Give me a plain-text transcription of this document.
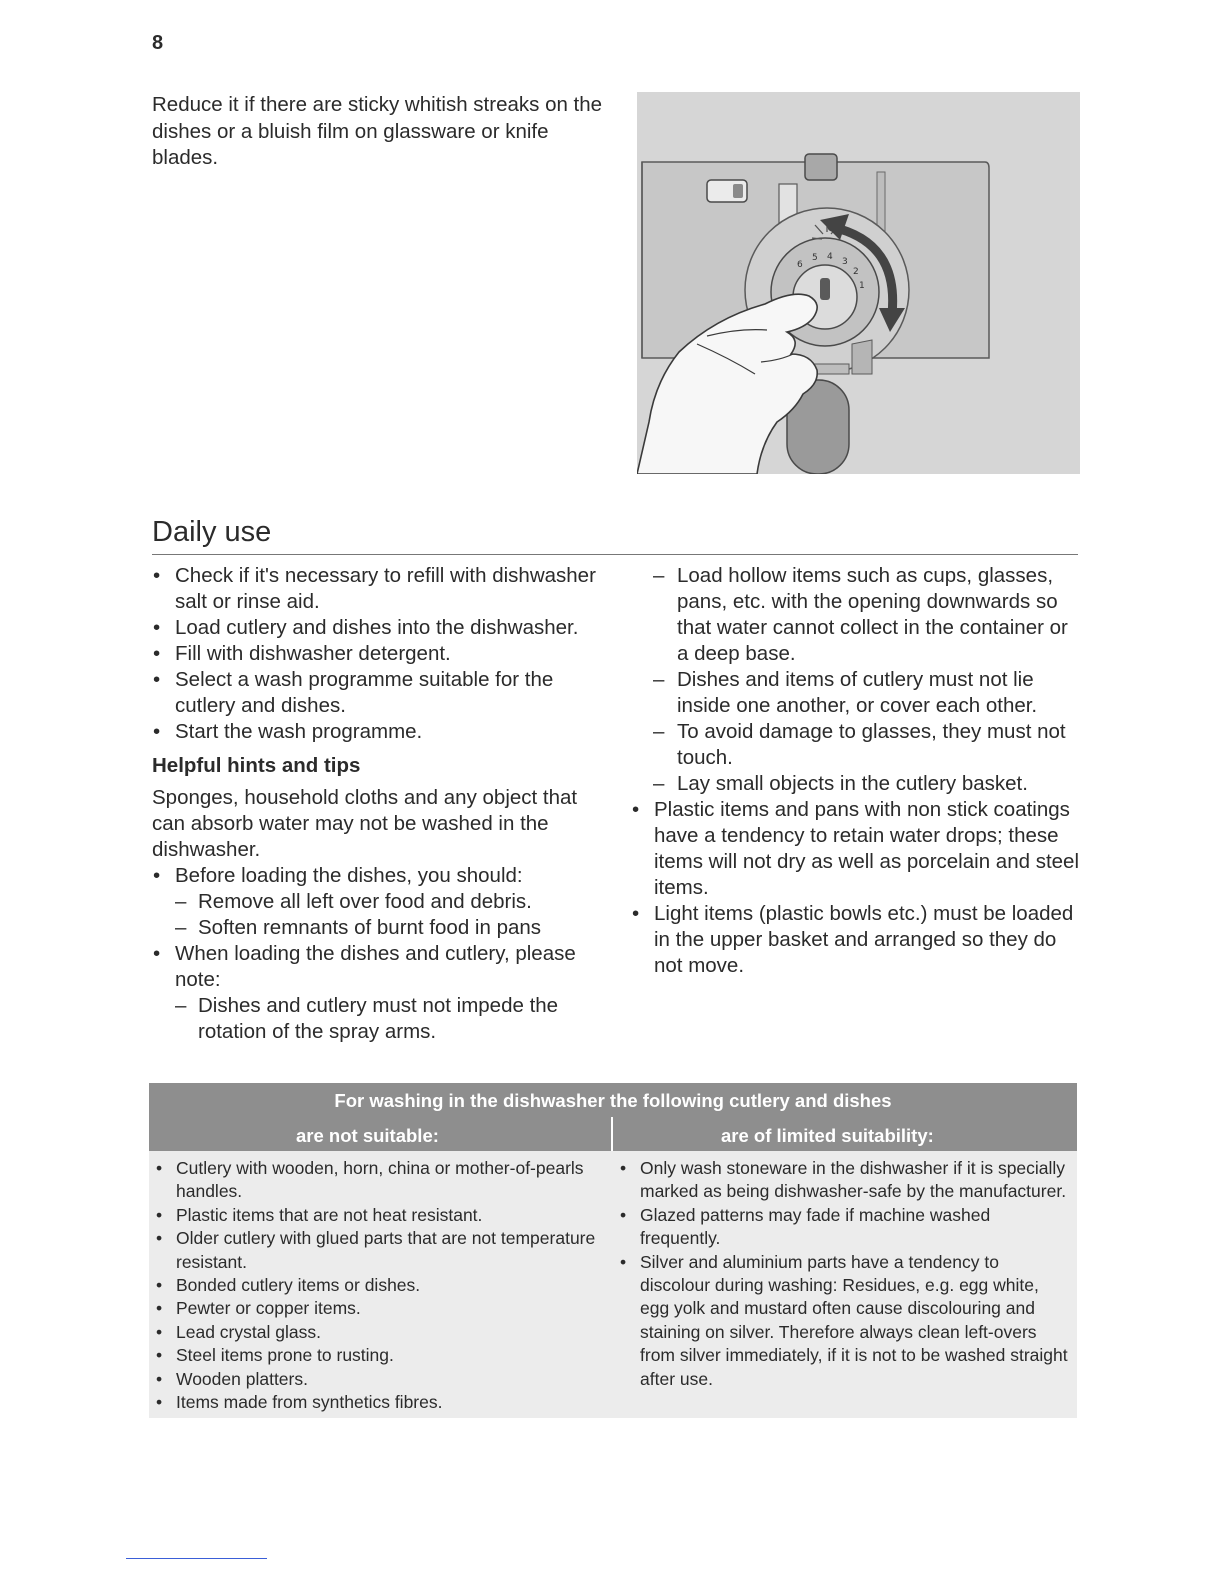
8

Reduce it if there are sticky whitish streaks on the dishes or a bluish film on glassware or knife blades.

6
5 4 3
2
1
Daily use
• Check if it's necessary to refill with dishwasher salt or rinse aid.
• Load cutlery and dishes into the dishwasher.
• Fill with dishwasher detergent.
• Select a wash programme suitable for the cutlery and dishes.
• Start the wash programme.
Helpful hints and tips

Sponges, household cloths and any object that can absorb water may not be washed in the dishwasher.

• Before loading the dishes, you should:
– Remove all left over food and debris.
– Soften remnants of burnt food in pans
• When loading the dishes and cutlery, please note:
– Dishes and cutlery must not impede the rotation of the spray arms.
– Load hollow items such as cups, glasses, pans, etc. with the opening downwards so that water cannot collect in the container or a deep base.
– Dishes and items of cutlery must not lie inside one another, or cover each other.
– To avoid damage to glasses, they must not touch.
– Lay small objects in the cutlery basket.
• Plastic items and pans with non stick coatings have a tendency to retain water drops; these items will not dry as well as porcelain and steel items.
• Light items (plastic bowls etc.) must be loaded in the upper basket and arranged so they do not move.
For washing in the dishwasher the following cutlery and dishes
are not suitable:	are of limited suitability:
• Cutlery with wooden, horn, china or mother-of-pearls handles.
• Plastic items that are not heat resistant.
• Older cutlery with glued parts that are not temperature resistant.
• Bonded cutlery items or dishes.
• Pewter or copper items.
• Lead crystal glass.
• Steel items prone to rusting.
• Wooden platters.
• Items made from synthetics fibres.
• Only wash stoneware in the dishwasher if it is specially marked as being dishwasher-safe by the manufacturer.
• Glazed patterns may fade if machine washed frequently.
• Silver and aluminium parts have a tendency to discolour during washing: Residues, e.g. egg white, egg yolk and mustard often cause discolouring and staining on silver. Therefore always clean left-overs from silver immediately, if it is not to be washed straight after use.
